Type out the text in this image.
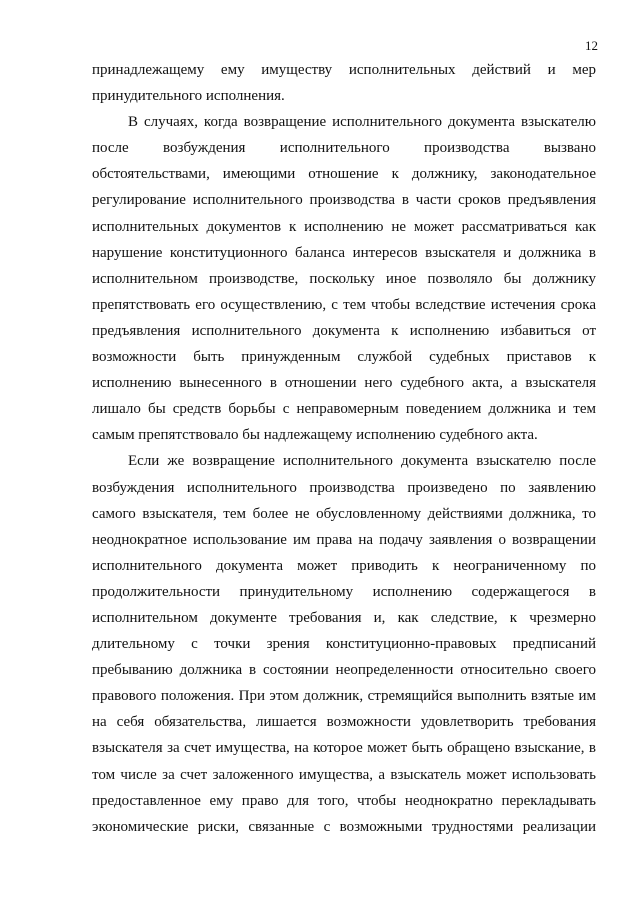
12
принадлежащему ему имуществу исполнительных действий и мер
принудительного исполнения.
В случаях, когда возвращение исполнительного документа взыскателю
после возбуждения исполнительного производства вызвано
обстоятельствами, имеющими отношение к должнику, законодательное
регулирование исполнительного производства в части сроков предъявления
исполнительных документов к исполнению не может рассматриваться как
нарушение конституционного баланса интересов взыскателя и должника в
исполнительном производстве, поскольку иное позволяло бы должнику
препятствовать его осуществлению, с тем чтобы вследствие истечения срока
предъявления исполнительного документа к исполнению избавиться от
возможности быть принужденным службой судебных приставов к
исполнению вынесенного в отношении него судебного акта, а взыскателя
лишало бы средств борьбы с неправомерным поведением должника и тем
самым препятствовало бы надлежащему исполнению судебного акта.
Если же возвращение исполнительного документа взыскателю после
возбуждения исполнительного производства произведено по заявлению
самого взыскателя, тем более не обусловленному действиями должника, то
неоднократное использование им права на подачу заявления о возвращении
исполнительного документа может приводить к неограниченному по
продолжительности принудительному исполнению содержащегося в
исполнительном документе требования и, как следствие, к чрезмерно
длительному с точки зрения конституционно-правовых предписаний
пребыванию должника в состоянии неопределенности относительно своего
правового положения. При этом должник, стремящийся выполнить взятые им
на себя обязательства, лишается возможности удовлетворить требования
взыскателя за счет имущества, на которое может быть обращено взыскание, в
том числе за счет заложенного имущества, а взыскатель может использовать
предоставленное ему право для того, чтобы неоднократно перекладывать
экономические риски, связанные с возможными трудностями реализации
